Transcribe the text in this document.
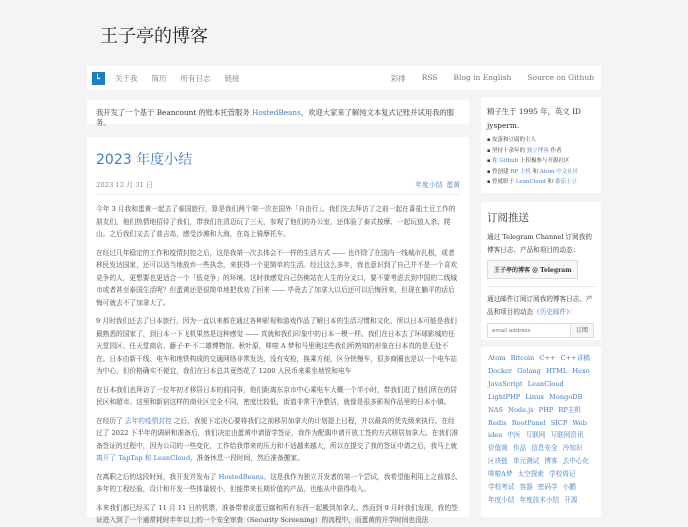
王子亭的博客
↳	关于我 简历 所有日志 链接	彩排 RSS Blog in English Source on Github
我开发了一个基于 Beancount 的账本托管服务 HostedBeans，欢迎大家来了解纯文本复式记账并试用我的服务。
2023 年度小结
2023 12 月 31 日	年度小结 蛋黄

今年 3 月我和蛋黄一起去了泰国旅行，算是我们两个第一次在国外「自由行」。我们先去拜访了之前一起在番茄土豆工作的朋友们，他们热情地招待了我们，带我们在清迈玩了三天，参观了他们的办公室，还体验了泰式按摩、一起玩狼人杀、爬山。之后我们又去了普吉岛，感受沙滩和大海，在岛上骑摩托车。

在经过几年稳定的工作和疫情封控之后，这是我第一次去体会不一样的生活方式 —— 也许除了在国内一线城市扎根，或者移民发达国家，还可以适当地放弃一些执念，来获得一个更简单的生活。经过这么多年，我也意识到了自己并不是一个喜欢竞争的人，更想要也更适合一个「低竞争」的环境。这时我感觉自己仿佛站在人生的分叉口，要不要考虑去到中国的二线城市或者甚至泰国生活呢？但蛋黄还是很简单地把我劝了回来 —— 毕竟去了加拿大以后还可以后悔回来，但现在躺平的话后悔可就去不了加拿大了。

9 月时我们还去了日本旅行，因为一直以来都在通过各种影视和游戏作品了解日本的生活习惯和文化，所以日本可能是我们最熟悉的国家了，到日本一下飞机果然是这种感觉 —— 真就和我们印象中的日本一模一样。我们在日本去了环球影城的任天堂园区、任天堂商店、藤子·F·不二雄博物馆、秋叶原，哆啦 A 梦和马里奥这些我们所熟知的形象在日本真的是无处不在。日本由新干线、电车和地铁构成的交通网络非常发达，没有安检，换乘方便，区分快慢车，很多商圈也是以一个电车站为中心，但价格确实不便宜，我们在日本总共竟然花了 1200 人民币来乘坐地铁和电车

在日本我们也拜访了一位年初才移居日本的前同事，他们距离东京市中心乘电车大概一个半小时，带我们逛了他们所在的居民区和超市。这里和新宿这样的商业区完全不同，密度比较低，街道非常干净整洁，就像是很多影视作品里的日本小镇。

在经历了 去年的疫情封控 之后，我便下定决心要将我们之前移居加拿大的计划提上日程，并以最高的优先级来执行。在经过了 2022 下半年的调研和准备后，我们决定由蛋黄申请留学签证，我作为配偶申请开放工签的方式移居加拿大。在我们准备签证的过程中，因为公司的一些变化，工作给我带来的压力和不适越来越大，所以在提交了我的签证申请之后，我马上就 离开了 TapTap 和 LeanCloud，准备休息一段时间，然后准备搬家。

在离职之后的这段时间，我开发并发布了 HostedBeans。这是我作为独立开发者的第一个尝试，我希望能利用上之前那么多年的工程经验，设计和开发一些体量较小，但能带来长期价值的产品，也能从中获得收入。

本来我们都已经买了 11 月 11 日的机票，准备带着皮蛋豆腐和所有东西一起搬到加拿大。然而到 9 月时我们发现，我的签证进入到了一个通常耗时半年以上的一个安全审查（Security Screening）的流程中，而蛋黄的开学时间也没法

精子生于 1995 年，英文 ID jysperm.
▪ 皮蛋和豆腐的主人
▪ 坚持十余年的 独立博客 作者
▪ 在 Github 上积极参与开源社区
▪ 曾创建 RP 主机 和 Atom 中文社区
▪ 曾就职于 LeanCloud 和 番茄土豆
订阅推送

通过 Telegram Channel 订阅我的博客日志、产品和项目的动态：

王子亭的博客 @ Telegram

通过邮件订阅订阅我的博客日志、产品和项目的动态（历史邮件）：

email address
订阅
Atom Bitcoin C++ C++讲稿 Docker Golang HTML Hexo JavaScript LeanCloud LightPHP Linux MongoDB NAS Node.js PHP RP主机 Redis RootPanel SICP Web idea 中医 互联网 互联网资讯 价值观 作品 信息安全 冷知识 区块链 单元测试 博客 去中心化 哆啦A梦 太空探索 学校周记 学校考试 容器 密码学 小鹏 年度小结 年度技术小结 开源
